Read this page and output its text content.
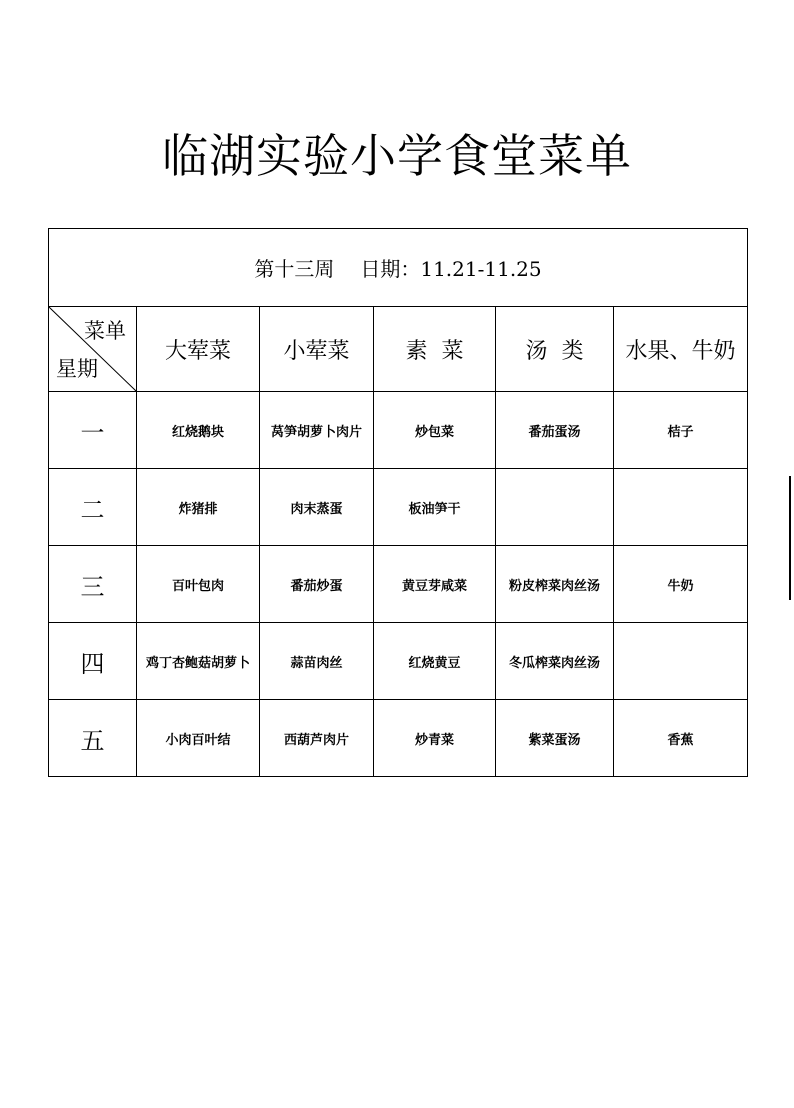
临湖实验小学食堂菜单
第十三周 日期：11.21-11.25					

菜单
星期	大荤菜	小荤菜	素  菜	汤  类	水果、牛奶
一	红烧鹅块	莴笋胡萝卜肉片	炒包菜	番茄蛋汤	桔子
二	炸猪排	肉末蒸蛋	板油笋干		
三	百叶包肉	番茄炒蛋	黄豆芽咸菜	粉皮榨菜肉丝汤	牛奶
四	鸡丁杏鲍菇胡萝卜	蒜苗肉丝	红烧黄豆	冬瓜榨菜肉丝汤	
五	小肉百叶结	西葫芦肉片	炒青菜	紫菜蛋汤	香蕉
